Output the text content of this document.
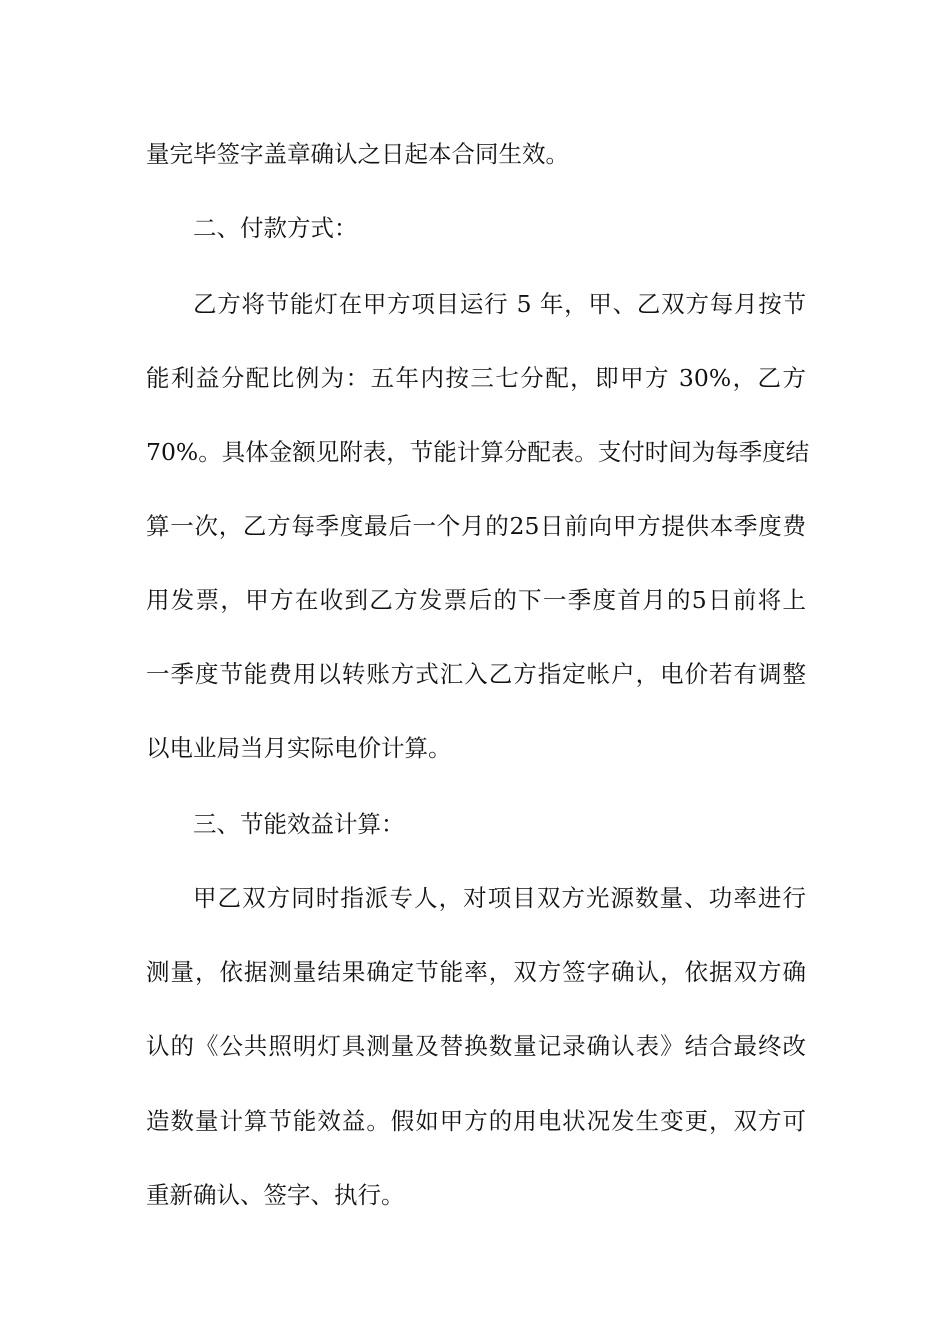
量完毕签字盖章确认之日起本合同生效。
二、付款方式：
乙方将节能灯在甲方项目运行 5 年，甲、乙双方每月按节
能利益分配比例为：五年内按三七分配，即甲方 30%，乙方
70%。具体金额见附表，节能计算分配表。支付时间为每季度结
算一次，乙方每季度最后一个月的25日前向甲方提供本季度费
用发票，甲方在收到乙方发票后的下一季度首月的5日前将上
一季度节能费用以转账方式汇入乙方指定帐户，电价若有调整
以电业局当月实际电价计算。
三、节能效益计算：
甲乙双方同时指派专人，对项目双方光源数量、功率进行
测量，依据测量结果确定节能率，双方签字确认，依据双方确
认的《公共照明灯具测量及替换数量记录确认表》结合最终改
造数量计算节能效益。假如甲方的用电状况发生变更，双方可
重新确认、签字、执行。
